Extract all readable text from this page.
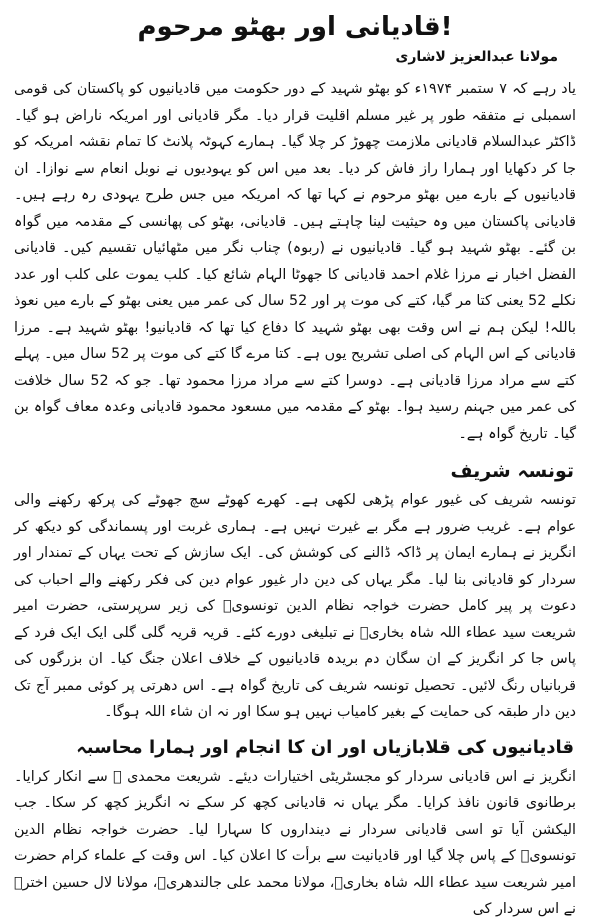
قادیانی اور بھٹو مرحوم!
مولانا عبدالعزیز لاشاری

یاد رہے کہ ۷ ستمبر ۱۹۷۴ء کو بھٹو شہید کے دور حکومت میں قادیانیوں کو پاکستان کی قومی اسمبلی نے متفقہ طور پر غیر مسلم اقلیت قرار دیا۔ مگر قادیانی اور امریکہ ناراض ہو گیا۔ ڈاکٹر عبدالسلام قادیانی ملازمت چھوڑ کر چلا گیا۔ ہمارے کہوٹہ پلانٹ کا تمام نقشہ امریکہ کو جا کر دکھایا اور ہمارا راز فاش کر دیا۔ بعد میں اس کو یہودیوں نے نوبل انعام سے نوازا۔ ان قادیانیوں کے بارے میں بھٹو مرحوم نے کہا تھا کہ امریکہ میں جس طرح یہودی رہ رہے ہیں۔ قادیانی پاکستان میں وہ حیثیت لینا چاہتے ہیں۔ قادیانی، بھٹو کی پھانسی کے مقدمہ میں گواہ بن گئے۔ بھٹو شہید ہو گیا۔ قادیانیوں نے (ربوہ) چناب نگر میں مٹھائیاں تقسیم کیں۔ قادیانی الفضل اخبار نے مرزا غلام احمد قادیانی کا جھوٹا الہام شائع کیا۔ کلب یموت علی کلب اور عدد نکلے 52 یعنی کتا مر گیا، کتے کی موت پر اور 52 سال کی عمر میں یعنی بھٹو کے بارے میں نعوذ باللہ! لیکن ہم نے اس وقت بھی بھٹو شہید کا دفاع کیا تھا کہ قادیانیو! بھٹو شہید ہے۔ مرزا قادیانی کے اس الہام کی اصلی تشریح یوں ہے۔ کتا مرے گا کتے کی موت پر 52 سال میں۔ پہلے کتے سے مراد مرزا قادیانی ہے۔ دوسرا کتے سے مراد مرزا محمود تھا۔ جو کہ 52 سال خلافت کی عمر میں جہنم رسید ہوا۔ بھٹو کے مقدمہ میں مسعود محمود قادیانی وعدہ معاف گواہ بن گیا۔ تاریخ گواہ ہے۔

تونسہ شریف

تونسہ شریف کی غیور عوام پڑھی لکھی ہے۔ کھرے کھوٹے سچ جھوٹے کی پرکھ رکھنے والی عوام ہے۔ غریب ضرور ہے مگر بے غیرت نہیں ہے۔ ہماری غربت اور پسماندگی کو دیکھ کر انگریز نے ہمارے ایمان پر ڈاکہ ڈالنے کی کوشش کی۔ ایک سازش کے تحت یہاں کے تمندار اور سردار کو قادیانی بنا لیا۔ مگر یہاں کی دین دار غیور عوام دین کی فکر رکھنے والے احباب کی دعوت پر پیر کامل حضرت خواجہ نظام الدین تونسویؒ کی زیر سرپرستی، حضرت امیر شریعت سید عطاء اللہ شاہ بخاریؒ نے تبلیغی دورے کئے۔ قریہ قریہ گلی گلی ایک ایک فرد کے پاس جا کر انگریز کے ان سگان دم بریدہ قادیانیوں کے خلاف اعلان جنگ کیا۔ ان بزرگوں کی قربانیاں رنگ لائیں۔ تحصیل تونسہ شریف کی تاریخ گواہ ہے۔ اس دھرتی پر کوئی ممبر آج تک دین دار طبقہ کی حمایت کے بغیر کامیاب نہیں ہو سکا اور نہ ان شاء اللہ ہوگا۔

قادیانیوں کی قلابازیاں اور ان کا انجام اور ہمارا محاسبہ

انگریز نے اس قادیانی سردار کو مجسٹریٹی اختیارات دیئے۔ شریعت محمدی ﷺ سے انکار کرایا۔ برطانوی قانون نافذ کرایا۔ مگر یہاں نہ قادیانی کچھ کر سکے نہ انگریز کچھ کر سکا۔ جب الیکشن آیا تو اسی قادیانی سردار نے دینداروں کا سہارا لیا۔ حضرت خواجہ نظام الدین تونسویؒ کے پاس چلا گیا اور قادیانیت سے برأت کا اعلان کیا۔ اس وقت کے علماء کرام حضرت امیر شریعت سید عطاء اللہ شاہ بخاریؒ، مولانا محمد علی جالندھریؒ، مولانا لال حسین اخترؒ نے اس سردار کی
